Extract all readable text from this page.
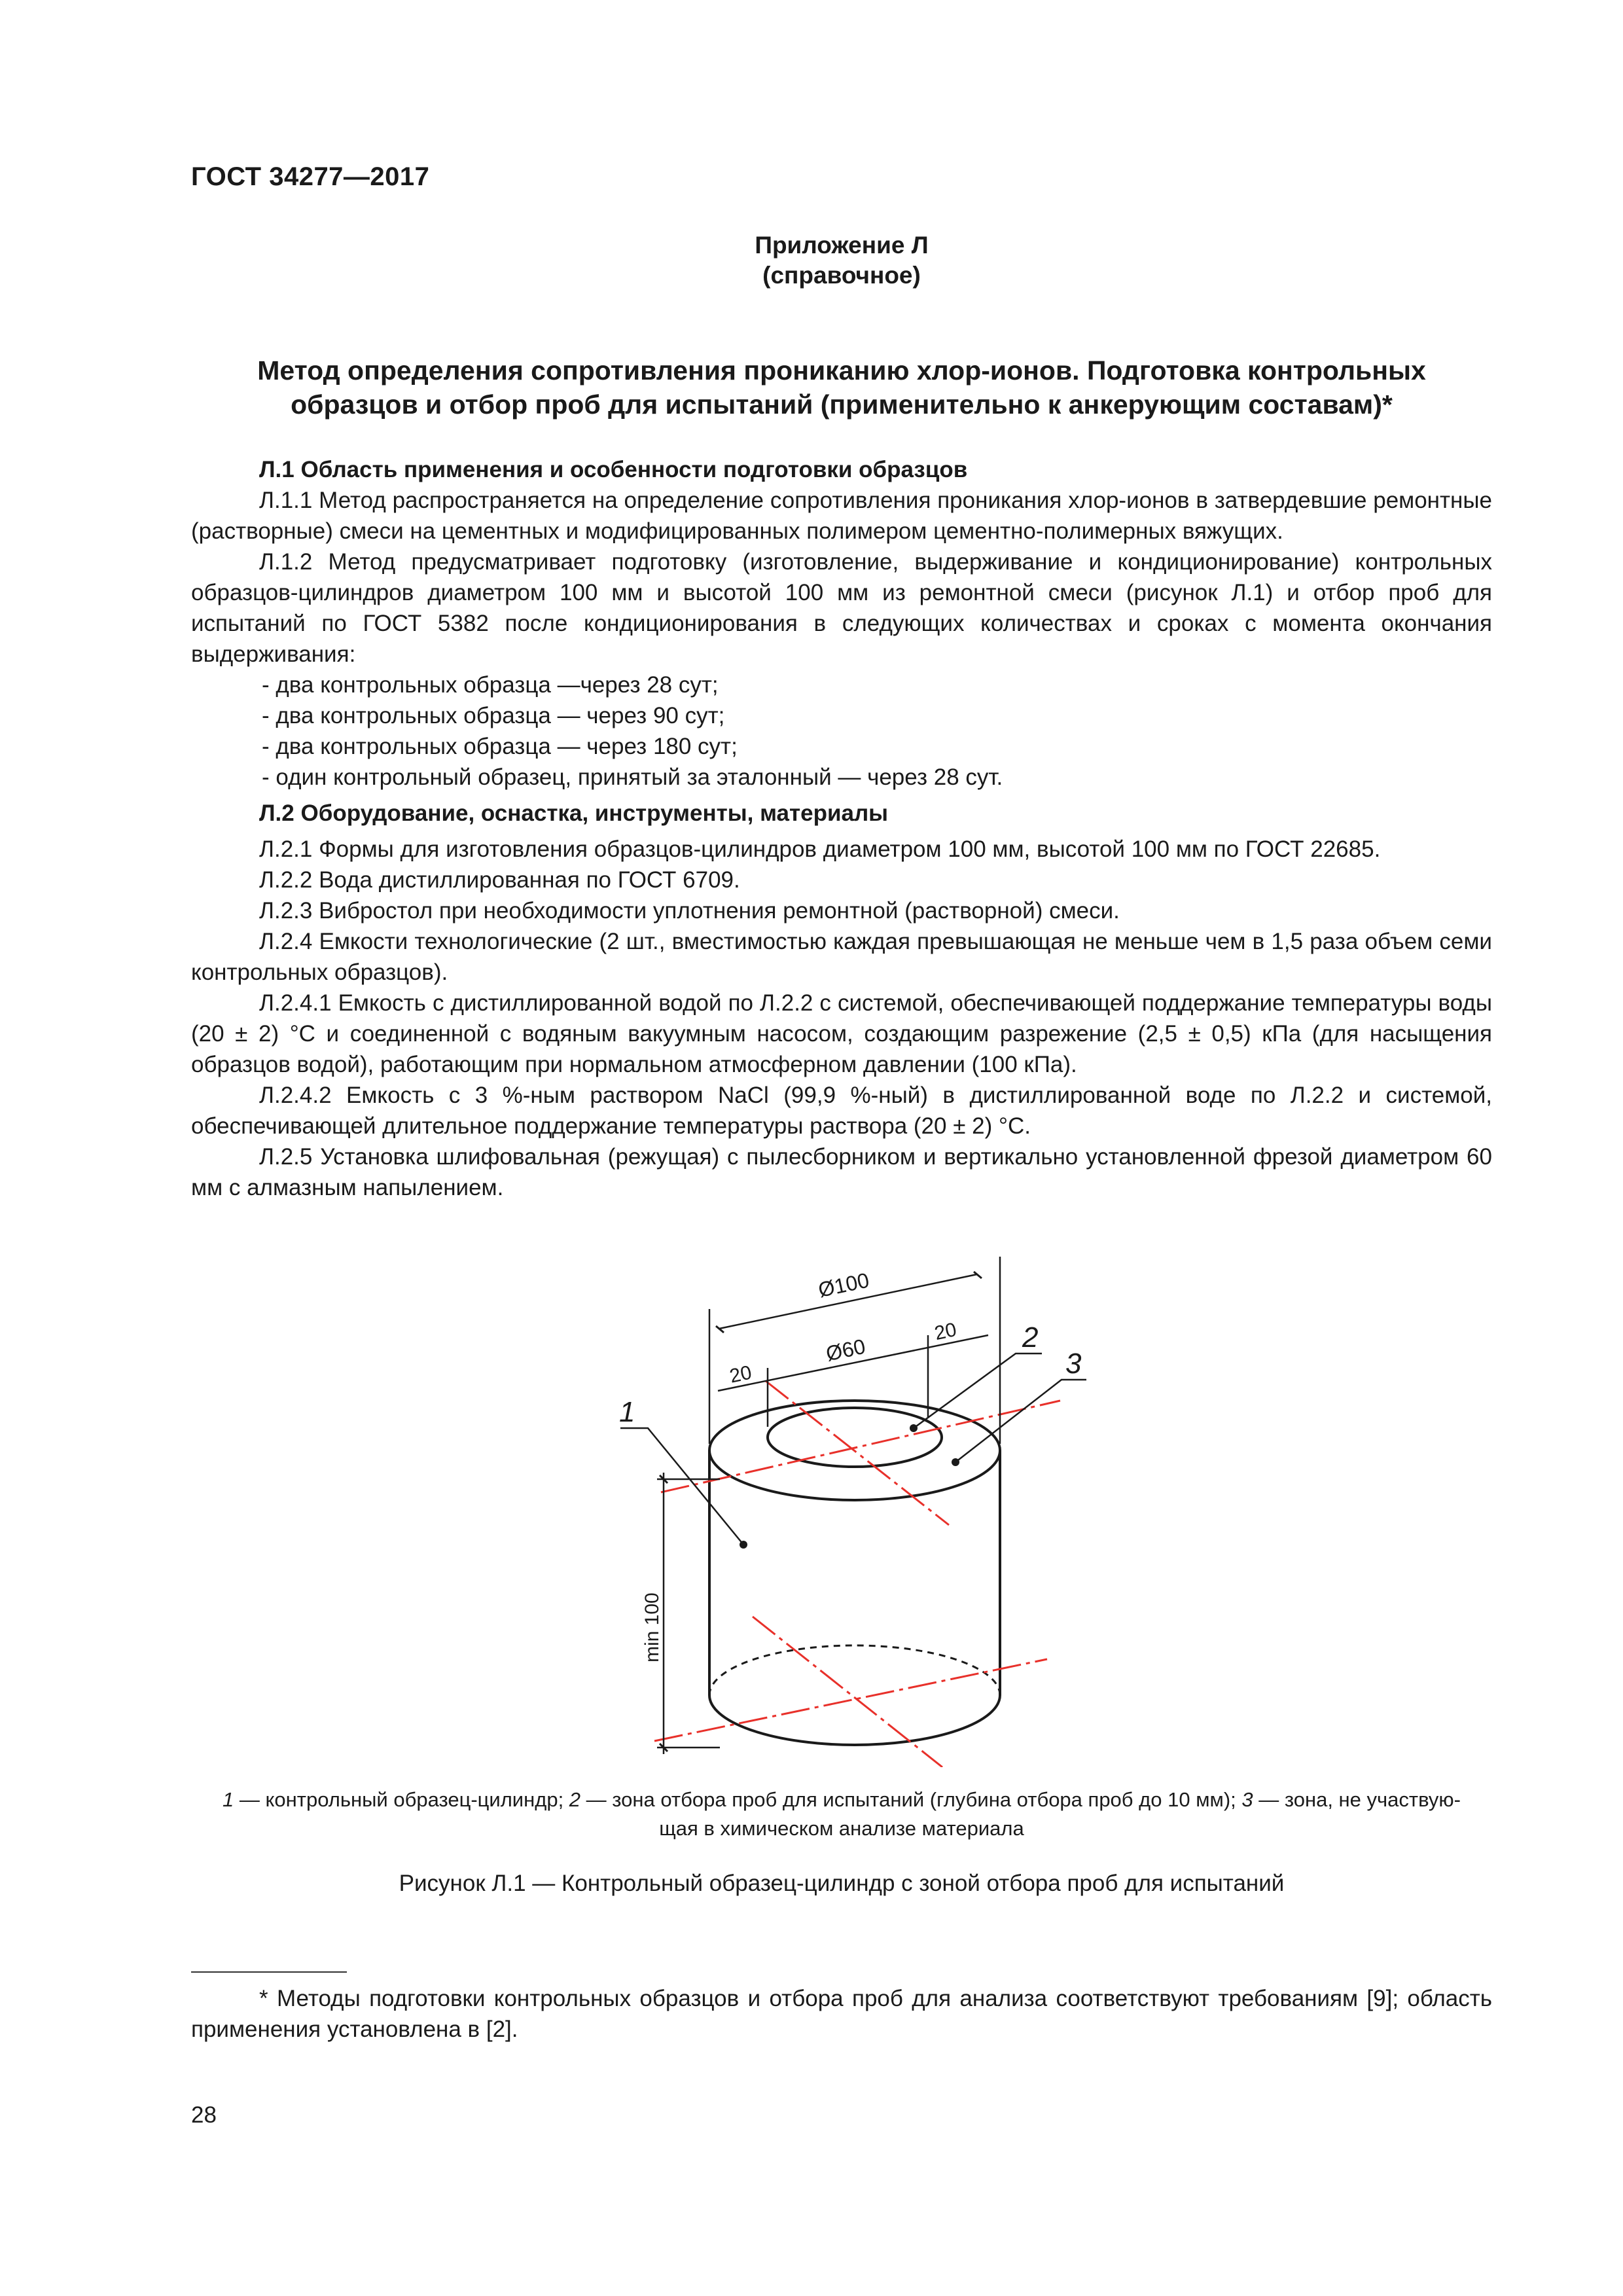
ГОСТ 34277—2017
Приложение Л
(справочное)
Метод определения сопротивления прониканию хлор-ионов. Подготовка контрольных
образцов и отбор проб для испытаний (применительно к анкерующим составам)*

Л.1 Область применения и особенности подготовки образцов

Л.1.1 Метод распространяется на определение сопротивления проникания хлор-ионов в затвердевшие ремонтные (растворные) смеси на цементных и модифицированных полимером цементно-полимерных вяжущих.

Л.1.2 Метод предусматривает подготовку (изготовление, выдерживание и кондиционирование) контрольных образцов-цилиндров диаметром 100 мм и высотой 100 мм из ремонтной смеси (рисунок Л.1) и отбор проб для испытаний по ГОСТ 5382 после кондиционирования в следующих количествах и сроках с момента окончания выдерживания:

- два контрольных образца —через 28 сут;

- два контрольных образца — через 90 сут;

- два контрольных образца — через 180 сут;

- один контрольный образец, принятый за эталонный — через 28 сут.

Л.2 Оборудование, оснастка, инструменты, материалы

Л.2.1 Формы для изготовления образцов-цилиндров диаметром 100 мм, высотой 100 мм по ГОСТ 22685.

Л.2.2 Вода дистиллированная по ГОСТ 6709.

Л.2.3 Вибростол при необходимости уплотнения ремонтной (растворной) смеси.

Л.2.4 Емкости технологические (2 шт., вместимостью каждая превышающая не меньше чем в 1,5 раза объем семи контрольных образцов).

Л.2.4.1 Емкость с дистиллированной водой по Л.2.2 с системой, обеспечивающей поддержание температуры воды (20 ± 2) °С и соединенной с водяным вакуумным насосом, создающим разрежение (2,5 ± 0,5) кПа (для насыщения образцов водой), работающим при нормальном атмосферном давлении (100 кПа).

Л.2.4.2 Емкость с 3 %-ным раствором NaCl (99,9 %-ный) в дистиллированной воде по Л.2.2 и системой, обеспечивающей длительное поддержание температуры раствора (20 ± 2) °С.

Л.2.5 Установка шлифовальная (режущая) с пылесборником и вертикально установленной фрезой диаметром 60 мм с алмазным напылением.

Ø100
Ø60
20
20
min 100
1
2
3
1 — контрольный образец-цилиндр; 2 — зона отбора проб для испытаний (глубина отбора проб до 10 мм); 3 — зона, не участвую-
щая в химическом анализе материала
Рисунок Л.1 — Контрольный образец-цилиндр с зоной отбора проб для испытаний

* Методы подготовки контрольных образцов и отбора проб для анализа соответствуют требованиям [9]; область применения установлена в [2].

28
